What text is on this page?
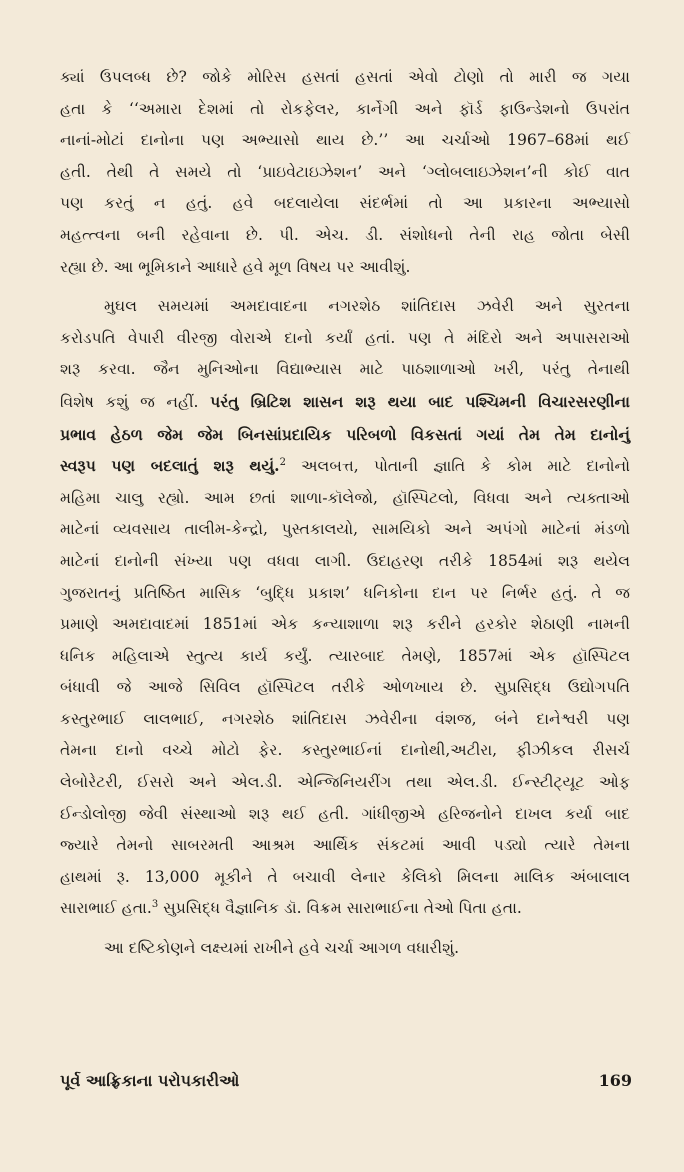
ક્યાં ઉપલબ્ધ છે? જોકે મોરિસ હસતાં હસતાં એવો ટોણો તો મારી જ ગયા

હતા કે ‘‘અમારા દેશમાં તો રોકફેલર, કાર્નેગી અને ફૉર્ડ ફાઉન્ડેશનો ઉપરાંત

નાનાં-મોટાં દાનોના પણ અભ્યાસો થાય છે.’’ આ ચર્ચાઓ 1967–68માં થઈ

હતી. તેથી તે સમયે તો ‘પ્રાઇવેટાઇઝેશન’ અને ‘ગ્લોબલાઇઝેશન’ની કોઈ વાત

પણ કરતું ન હતું. હવે બદલાયેલા સંદર્ભમાં તો આ પ્રકારના અભ્યાસો

મહત્ત્વના બની રહેવાના છે. પી. એચ. ડી. સંશોધનો તેની રાહ જોતા બેસી

રહ્યા છે. આ ભૂમિકાને આધારે હવે મૂળ વિષય પર આવીશું.

મુઘલ સમયમાં અમદાવાદના નગરશેઠ શાંતિદાસ ઝવેરી અને સુરતના

કરોડપતિ વેપારી વીરજી વોરાએ દાનો કર્યાં હતાં. પણ તે મંદિરો અને અપાસરાઓ

શરૂ કરવા. જૈન મુનિઓના વિદ્યાભ્યાસ માટે પાઠશાળાઓ ખરી, પરંતુ તેનાથી

વિશેષ કશું જ નહીં. પરંતુ બ્રિટિશ શાસન શરૂ થયા બાદ પશ્ચિમની વિચારસરણીના

પ્રભાવ હેઠળ જેમ જેમ બિનસાંપ્રદાયિક પરિબળો વિકસતાં ગયાં તેમ તેમ દાનોનું

સ્વરૂપ પણ બદલાતું શરૂ થયું.$^2$ અલબત્ત, પોતાની જ્ઞાતિ કે કોમ માટે દાનોનો

મહિમા ચાલુ રહ્યો. આમ છતાં શાળા-કૉલેજો, હૉસ્પિટલો, વિધવા અને ત્યક્તાઓ

માટેનાં વ્યવસાય તાલીમ-કેન્દ્રો, પુસ્તકાલયો, સામયિકો અને અપંગો માટેનાં મંડળો

માટેનાં દાનોની સંખ્યા પણ વધવા લાગી. ઉદાહરણ તરીકે 1854માં શરૂ થયેલ

ગુજરાતનું પ્રતિષ્ઠિત માસિક ‘બુદ્ધિ પ્રકાશ’ ધનિકોના દાન પર નિર્ભર હતું. તે જ

પ્રમાણે અમદાવાદમાં 1851માં એક કન્યાશાળા શરૂ કરીને હરકોર શેઠાણી નામની

ધનિક મહિલાએ સ્તુત્ય કાર્ય કર્યું. ત્યારબાદ તેમણે, 1857માં એક હૉસ્પિટલ

બંધાવી જે આજે સિવિલ હૉસ્પિટલ તરીકે ઓળખાય છે. સુપ્રસિદ્ધ ઉદ્યોગપતિ

કસ્તુરભાઈ લાલભાઈ, નગરશેઠ શાંતિદાસ ઝવેરીના વંશજ, બંને દાનેશ્વરી પણ

તેમના દાનો વચ્ચે મોટો ફેર. કસ્તુરભાઈનાં દાનોથી,અટીરા, ફીઝીકલ રીસર્ચ

લેબોરેટરી, ઈસરો અને એલ.ડી. એન્જિનિયરીંગ તથા એલ.ડી. ઈન્સ્ટીટ્યૂટ ઓફ

ઈન્ડોલોજી જેવી સંસ્થાઓ શરૂ થઈ હતી. ગાંધીજીએ હરિજનોને દાખલ કર્યા બાદ

જ્યારે તેમનો સાબરમતી આશ્રમ આર્થિક સંકટમાં આવી પડ્યો ત્યારે તેમના

હાથમાં રૂ. 13,000 મૂકીને તે બચાવી લેનાર કેલિકો મિલના માલિક અંબાલાલ

સારાભાઈ હતા.$^3$ સુપ્રસિદ્ધ વૈજ્ઞાનિક ડૉ. વિક્રમ સારાભાઈના તેઓ પિતા હતા.

આ દષ્ટિકોણને લક્ષ્યમાં રાખીને હવે ચર્ચા આગળ વધારીશું.

પૂર્વ આફ્રિકાના પરોપકારીઓ	169
